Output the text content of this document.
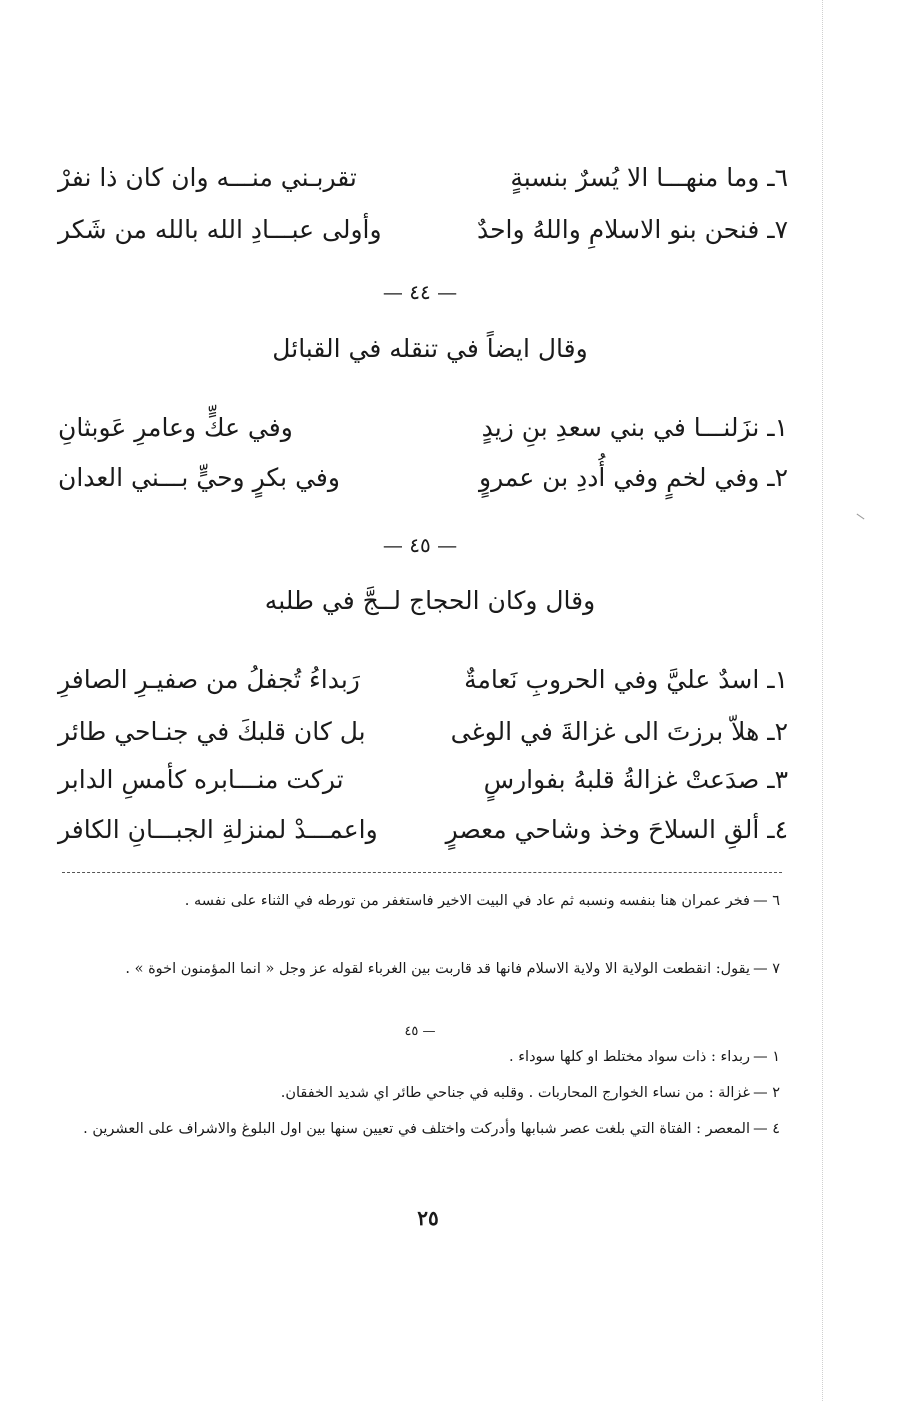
٦ـ وما منهـــا الا يُسرٌ بنسبةٍ
تقربـني منـــه وان كان ذا نفرْ
٧ـ فنحن بنو الاسلامِ واللهُ واحدٌ
وأولى عبـــادِ الله بالله من شَكر
— ٤٤ —
وقال ايضاً في تنقله في القبائل
١ـ نزَلنـــا في بني سعدِ بنِ زيدٍ
وفي عكٍّ وعامرِ عَوبثانِ
٢ـ وفي لخمٍ وفي أُددِ بن عمروٍ
وفي بكرٍ وحيٍّ بـــني العدان
— ٤٥ —
وقال وكان الحجاج لــجَّ في طلبه
١ـ اسدٌ عليَّ وفي الحروبِ نَعامةٌ
رَبداءُ تُجفلُ من صفيـرِ الصافرِ
٢ـ هلاّ برزتَ الى غزالةَ في الوغى
بل كان قلبكَ في جنـاحي طائر
٣ـ صدَعتْ غزالةُ قلبهُ بفوارسٍ
تركت منـــابره كأمسِ الدابر
٤ـ ألقِ السلاحَ وخذ وشاحي معصرٍ
واعمـــدْ لمنزلةِ الجبـــانِ الكافر
٦ —
فخر عمران هنا بنفسه ونسبه ثم عاد في البيت الاخير فاستغفر من تورطه في الثناء على نفسه .
٧ —
يقول: انقطعت الولاية الا ولاية الاسلام فانها قد قاربت بين الغرباء لقوله عز وجل « انما المؤمنون اخوة » .
— ٤٥
١ —
ربداء : ذات سواد مختلط او كلها سوداء .
٢ —
غزالة : من نساء الخوارج المحاربات . وقلبه في جناحي طائر اي شديد الخفقان.
٤ —
المعصر : الفتاة التي بلغت عصر شبابها وأدركت واختلف في تعيين سنها بين اول البلوغ والاشراف على العشرين .
٢٥
